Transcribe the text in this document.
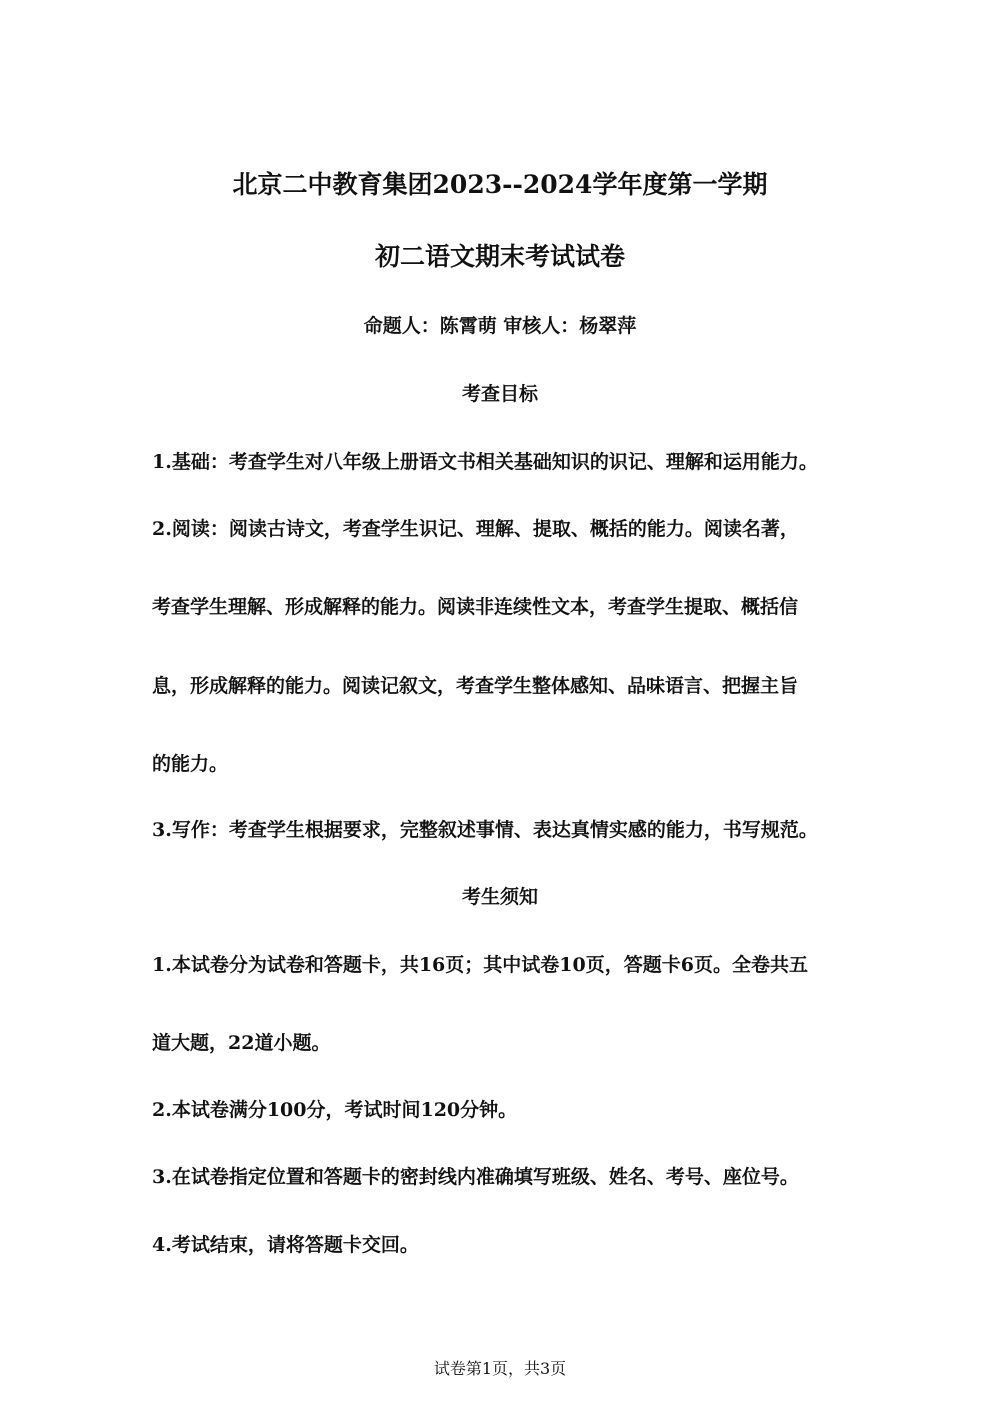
北京二中教育集团2023--2024学年度第一学期
初二语文期末考试试卷
命题人：陈霄萌 审核人：杨翠萍
考查目标
1.基础：考查学生对八年级上册语文书相关基础知识的识记、理解和运用能力。
2.阅读：阅读古诗文，考查学生识记、理解、提取、概括的能力。阅读名著，
考查学生理解、形成解释的能力。阅读非连续性文本，考查学生提取、概括信
息，形成解释的能力。阅读记叙文，考查学生整体感知、品味语言、把握主旨
的能力。
3.写作：考查学生根据要求，完整叙述事情、表达真情实感的能力，书写规范。
考生须知
1.本试卷分为试卷和答题卡，共16页；其中试卷10页，答题卡6页。全卷共五
道大题，22道小题。
2.本试卷满分100分，考试时间120分钟。
3.在试卷指定位置和答题卡的密封线内准确填写班级、姓名、考号、座位号。
4.考试结束，请将答题卡交回。
试卷第1页，共3页
